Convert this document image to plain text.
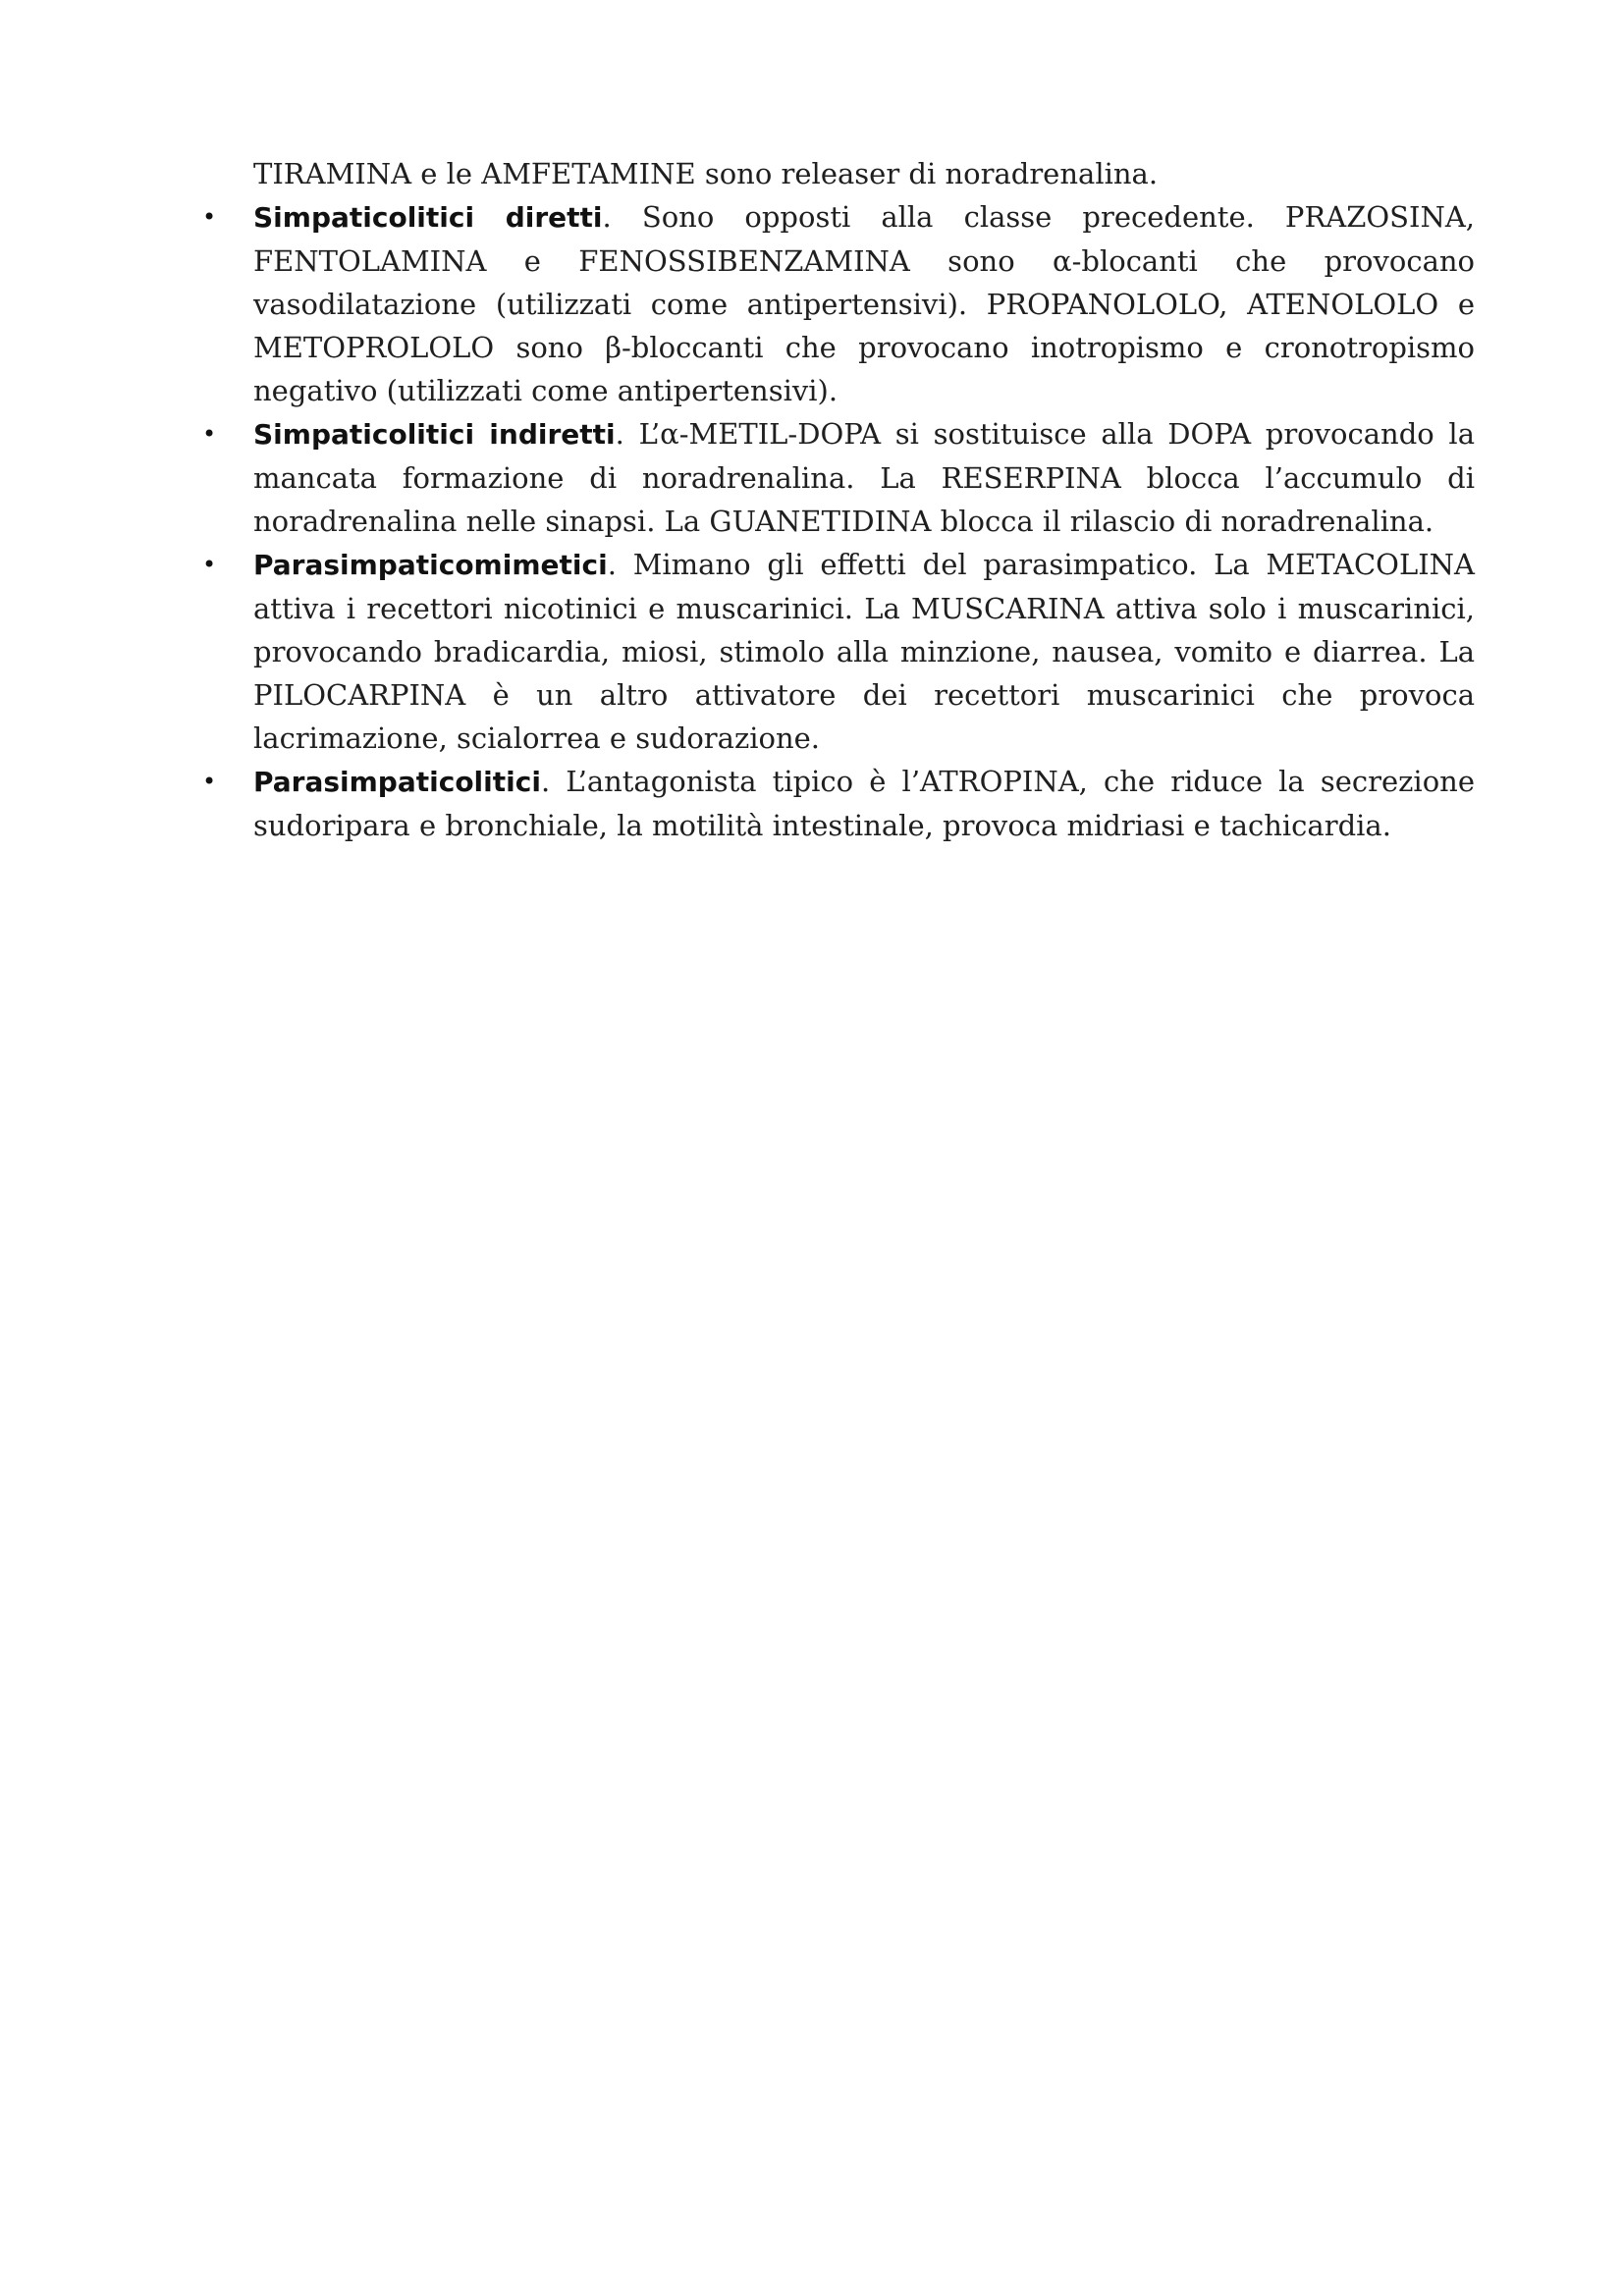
TIRAMINA e le AMFETAMINE sono releaser di noradrenalina.

• Simpaticolitici diretti. Sono opposti alla classe precedente. PRAZOSINA, FENTOLAMINA e FENOSSIBENZAMINA sono α-blocanti che provocano vasodilatazione (utilizzati come antipertensivi). PROPANOLOLO, ATENOLOLO e METOPROLOLO sono β-bloccanti che provocano inotropismo e cronotropismo negativo (utilizzati come antipertensivi).
• Simpaticolitici indiretti. L’α-METIL-DOPA si sostituisce alla DOPA provocando la mancata formazione di noradrenalina. La RESERPINA blocca l’accumulo di noradrenalina nelle sinapsi. La GUANETIDINA blocca il rilascio di noradrenalina.
• Parasimpaticomimetici. Mimano gli effetti del parasimpatico. La METACOLINA attiva i recettori nicotinici e muscarinici. La MUSCARINA attiva solo i muscarinici, provocando bradicardia, miosi, stimolo alla minzione, nausea, vomito e diarrea. La PILOCARPINA è un altro attivatore dei recettori muscarinici che provoca lacrimazione, scialorrea e sudorazione.
• Parasimpaticolitici. L’antagonista tipico è l’ATROPINA, che riduce la secrezione sudoripara e bronchiale, la motilità intestinale, provoca midriasi e tachicardia.
